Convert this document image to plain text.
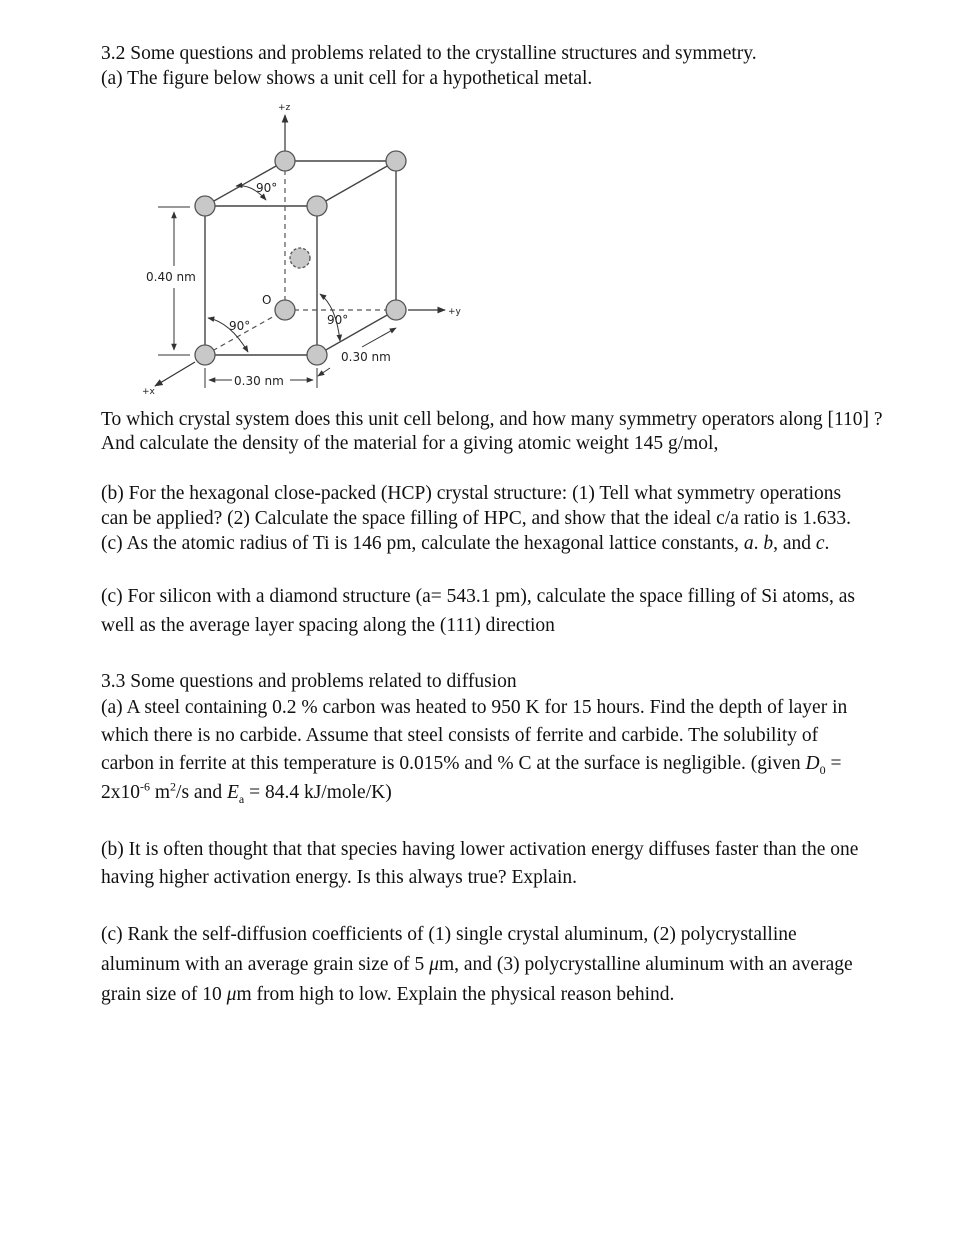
3.2 Some questions and problems related to the crystalline structures and symmetry.
(a) The figure below shows a unit cell for a hypothetical metal.
+z
+y
+x
O
90°
90°	90°
0.40 nm
0.30 nm
0.30 nm
To which crystal system does this unit cell belong, and how many symmetry operators along [110] ?
And calculate the density of the material for a giving atomic weight 145 g/mol,
(b) For the hexagonal close-packed (HCP) crystal structure: (1) Tell what symmetry operations
can be applied? (2) Calculate the space filling of HPC, and show that the ideal c/a ratio is 1.633.
(c) As the atomic radius of Ti is 146 pm, calculate the hexagonal lattice constants, a. b, and c.
(c) For silicon with a diamond structure (a= 543.1 pm), calculate the space filling of Si atoms, as
well as the average layer spacing along the (111) direction
3.3 Some questions and problems related to diffusion
(a) A steel containing 0.2 % carbon was heated to 950 K for 15 hours. Find the depth of layer in
which there is no carbide. Assume that steel consists of ferrite and carbide. The solubility of
carbon in ferrite at this temperature is 0.015% and % C at the surface is negligible. (given $D_0$ =
$2x10^{-6}$ $m^2/s$ and $E_a = 84.4$ kJ/mole/K)
(b) It is often thought that that species having lower activation energy diffuses faster than the one
having higher activation energy. Is this always true? Explain.
(c) Rank the self-diffusion coefficients of (1) single crystal aluminum, (2) polycrystalline
aluminum with an average grain size of 5 μm, and (3) polycrystalline aluminum with an average
grain size of 10 μm from high to low. Explain the physical reason behind.
